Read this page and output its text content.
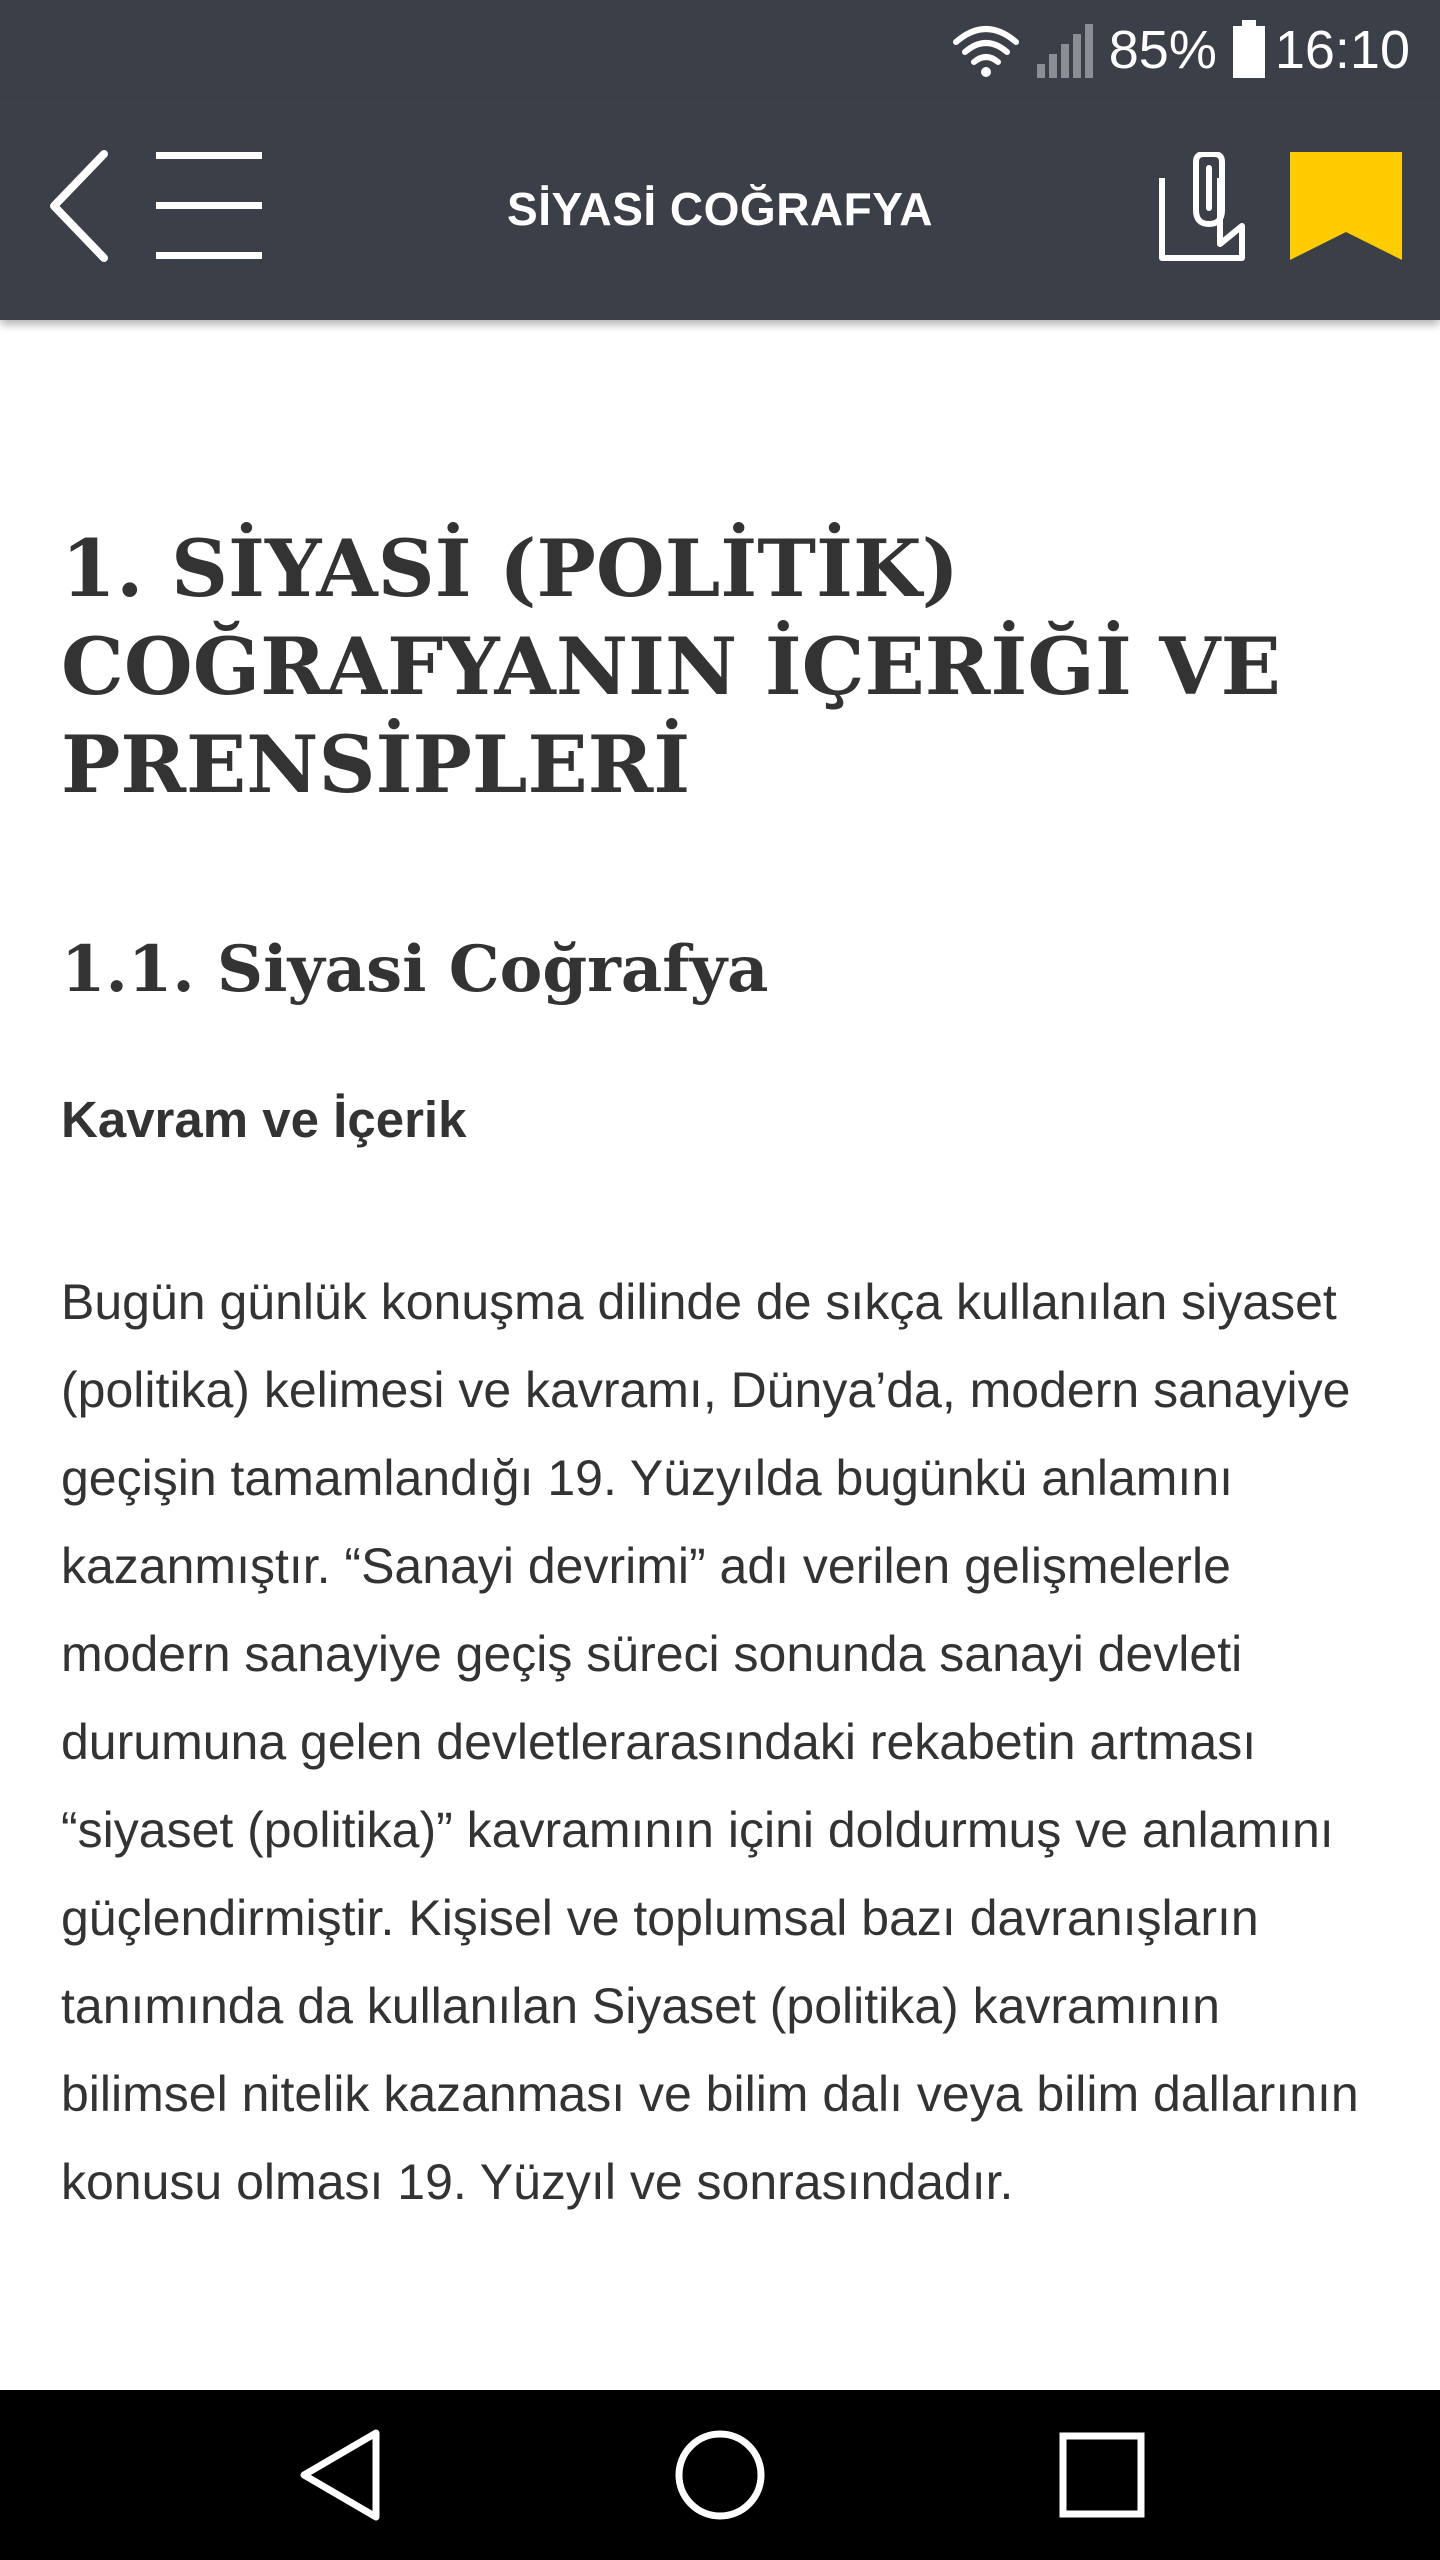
85% 16:10
SİYASİ COĞRAFYA
1. SİYASİ (POLİTİK) COĞRAFYANIN İÇERİĞİ VE PRENSİPLERİ
1.1. Siyasi Coğrafya
Kavram ve İçerik

Bugün günlük konuşma dilinde de sıkça kullanılan siyaset (politika) kelimesi ve kavramı, Dünya’da, modern sanayiye geçişin tamamlandığı 19. Yüzyılda bugünkü anlamını kazanmıştır. “Sanayi devrimi” adı verilen gelişmelerle modern sanayiye geçiş süreci sonunda sanayi devleti durumuna gelen devletlerarasındaki rekabetin artması “siyaset (politika)” kavramının içini doldurmuş ve anlamını güçlendirmiştir. Kişisel ve toplumsal bazı davranışların tanımında da kullanılan Siyaset (politika) kavramının bilimsel nitelik kazanması ve bilim dalı veya bilim dallarının konusu olması 19. Yüzyıl ve sonrasındadır.
